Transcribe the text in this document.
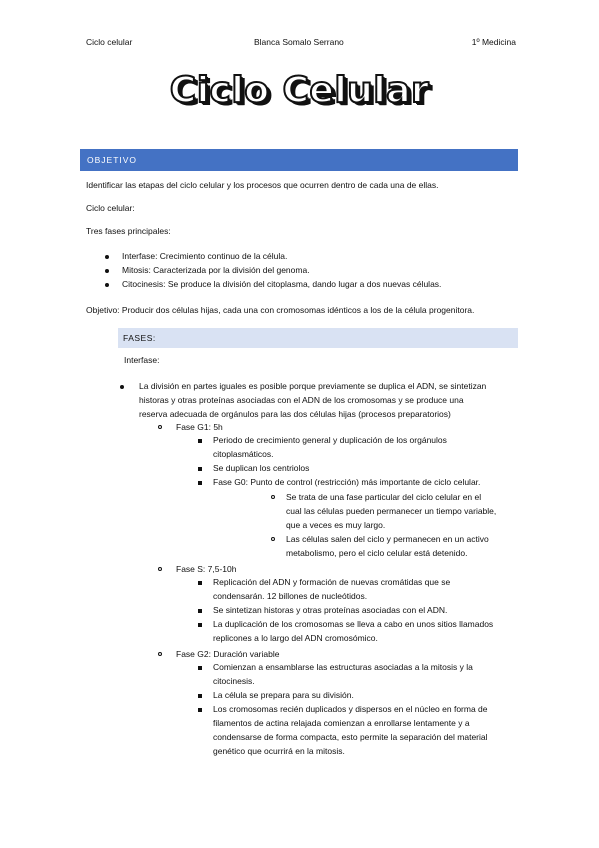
Ciclo celular	Blanca Somalo Serrano	1º Medicina
Ciclo Celular
OBJETIVO
Identificar las etapas del ciclo celular y los procesos que ocurren dentro de cada una de ellas.
Ciclo celular:
Tres fases principales:
Interfase: Crecimiento continuo de la célula.
Mitosis: Caracterizada por la división del genoma.
Citocinesis: Se produce la división del citoplasma, dando lugar a dos nuevas células.
Objetivo: Producir dos células hijas, cada una con cromosomas idénticos a los de la célula progenitora.
FASES:
Interfase:
La división en partes iguales es posible porque previamente se duplica el ADN, se sintetizan
historas y otras proteínas asociadas con el ADN de los cromosomas y se produce una
reserva adecuada de orgánulos para las dos células hijas (procesos preparatorios)
Fase G1: 5h
Periodo de crecimiento general y duplicación de los orgánulos
citoplasmáticos.
Se duplican los centriolos
Fase G0: Punto de control (restricción) más importante de ciclo celular.
Se trata de una fase particular del ciclo celular en el
cual las células pueden permanecer un tiempo variable,
que a veces es muy largo.
Las células salen del ciclo y permanecen en un activo
metabolismo, pero el ciclo celular está detenido.
Fase S: 7,5-10h
Replicación del ADN y formación de nuevas cromátidas que se
condensarán. 12 billones de nucleótidos.
Se sintetizan historas y otras proteínas asociadas con el ADN.
La duplicación de los cromosomas se lleva a cabo en unos sitios llamados
replicones a lo largo del ADN cromosómico.
Fase G2: Duración variable
Comienzan a ensamblarse las estructuras asociadas a la mitosis y la
citocinesis.
La célula se prepara para su división.
Los cromosomas recién duplicados y dispersos en el núcleo en forma de
filamentos de actina relajada comienzan a enrollarse lentamente y a
condensarse de forma compacta, esto permite la separación del material
genético que ocurrirá en la mitosis.
